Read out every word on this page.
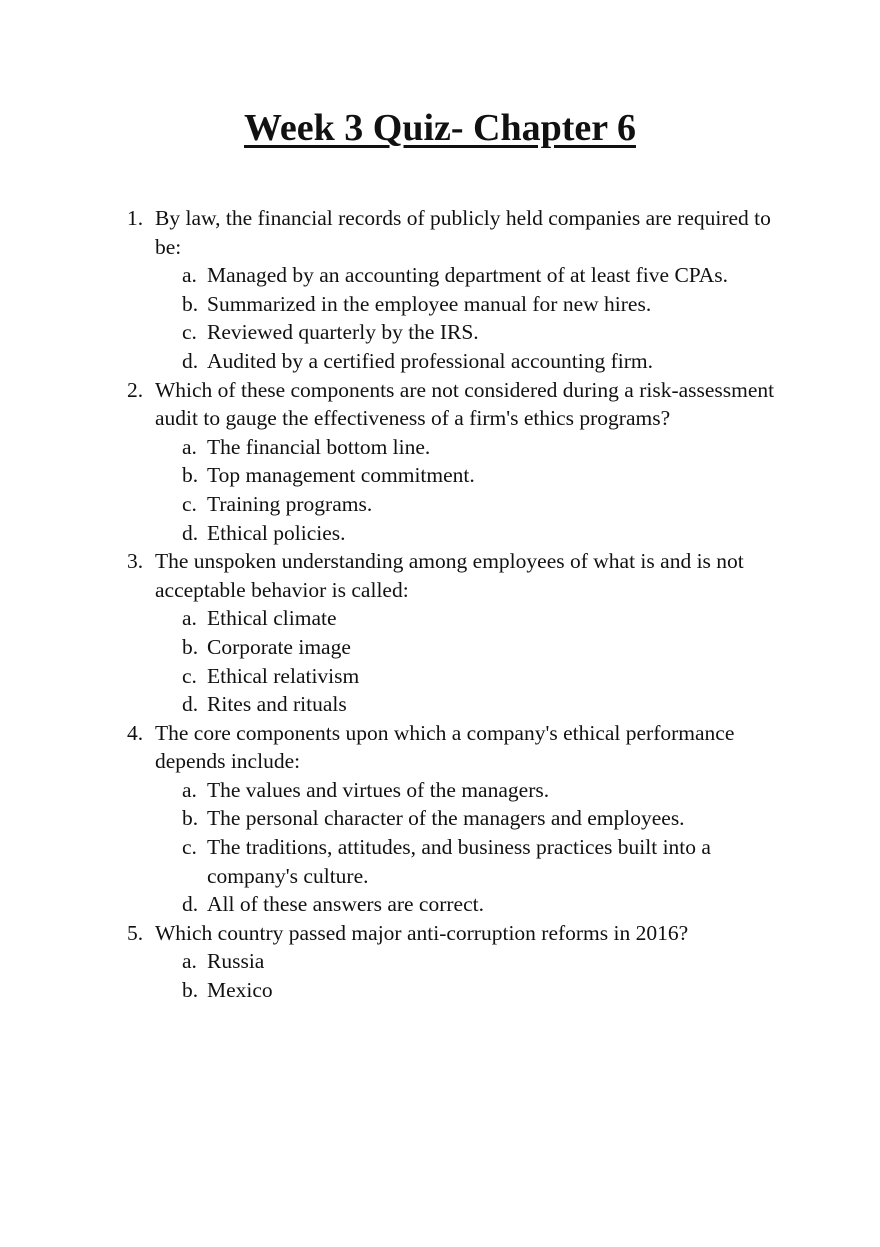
Week 3 Quiz- Chapter 6
1. By law, the financial records of publicly held companies are required to be:
a. Managed by an accounting department of at least five CPAs.
b. Summarized in the employee manual for new hires.
c. Reviewed quarterly by the IRS.
d. Audited by a certified professional accounting firm.
2. Which of these components are not considered during a risk-assessment audit to gauge the effectiveness of a firm's ethics programs?
a. The financial bottom line.
b. Top management commitment.
c. Training programs.
d. Ethical policies.
3. The unspoken understanding among employees of what is and is not acceptable behavior is called:
a. Ethical climate
b. Corporate image
c. Ethical relativism
d. Rites and rituals
4. The core components upon which a company's ethical performance depends include:
a. The values and virtues of the managers.
b. The personal character of the managers and employees.
c. The traditions, attitudes, and business practices built into a company's culture.
d. All of these answers are correct.
5. Which country passed major anti-corruption reforms in 2016?
a. Russia
b. Mexico
